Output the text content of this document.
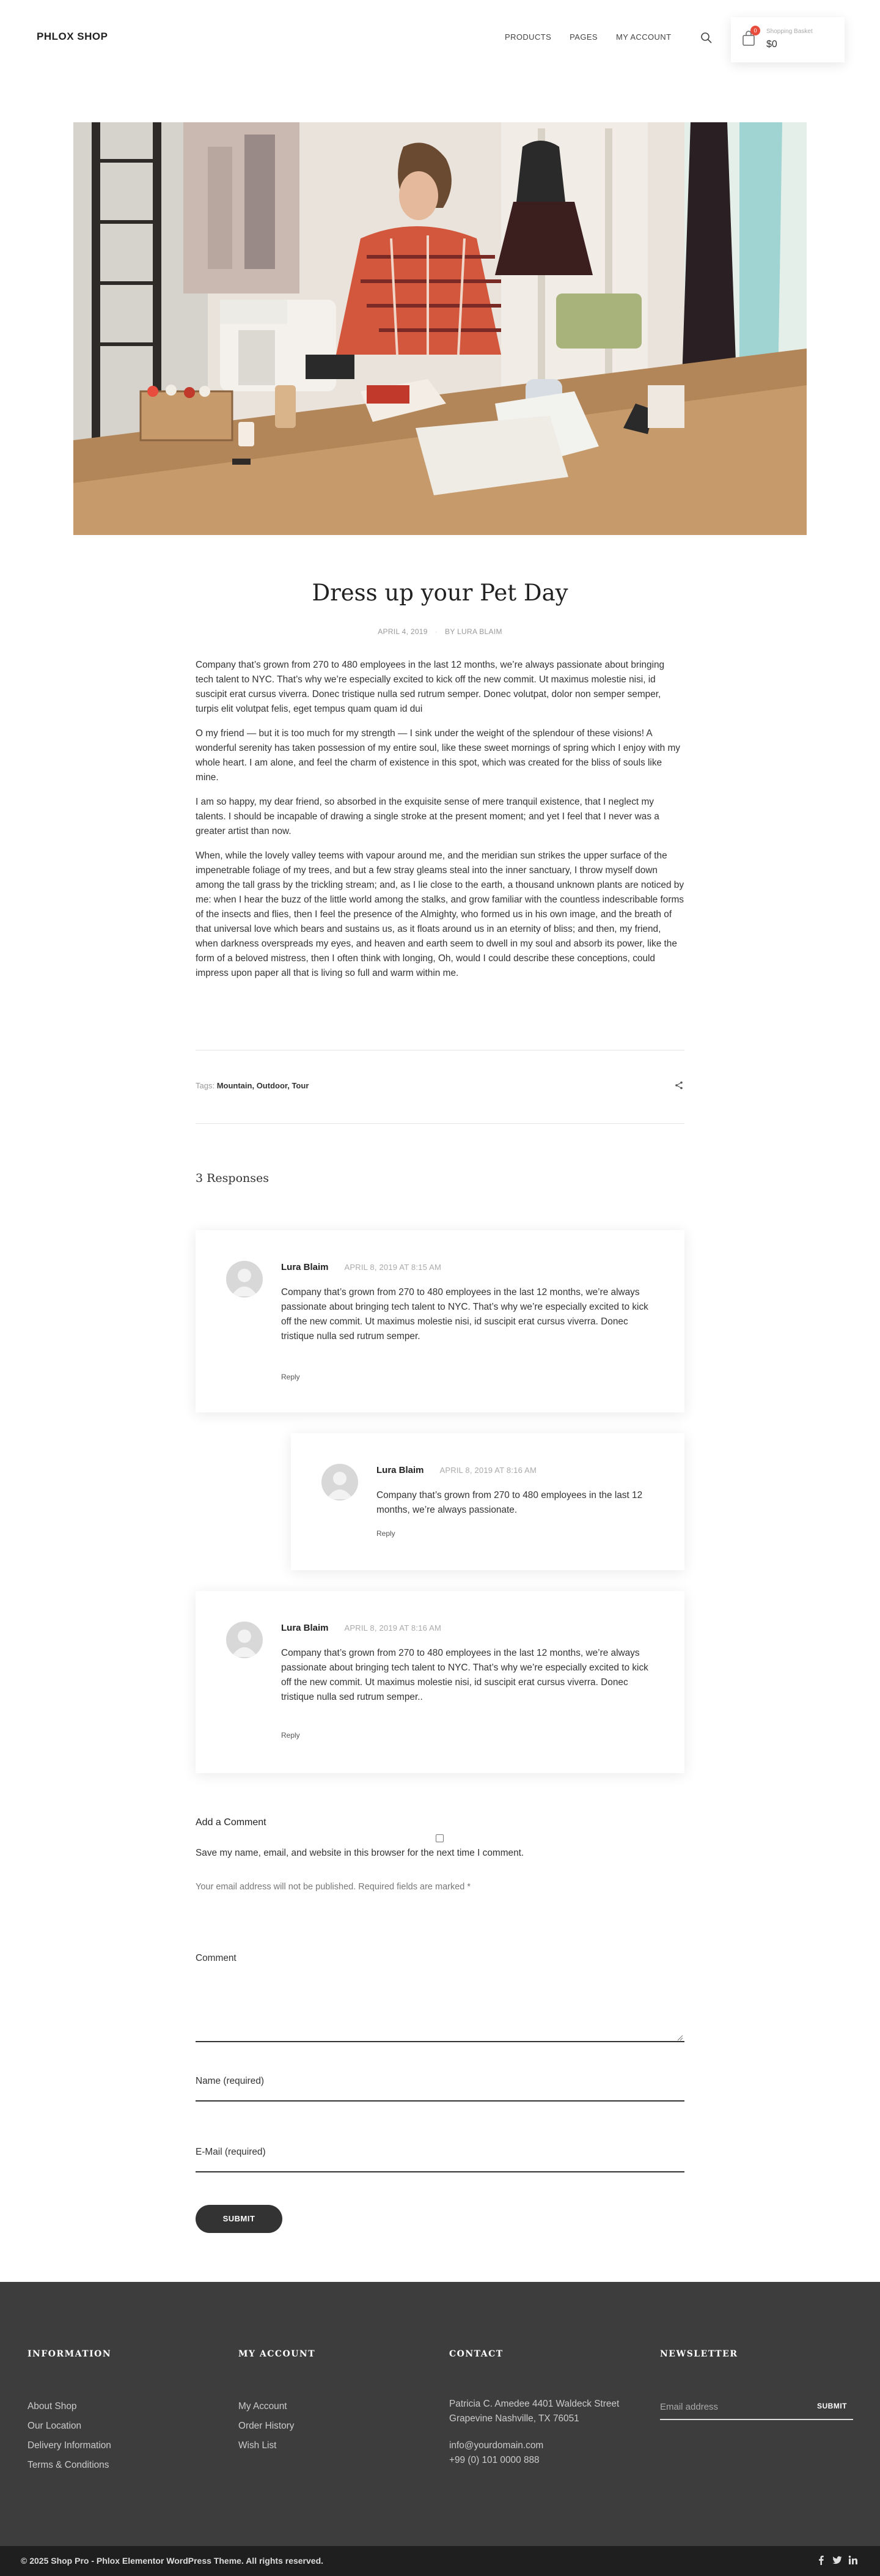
PHLOX SHOP	PRODUCTS PAGES MY ACCOUNT
0	Shopping Basket
$0
Dress up your Pet Day
APRIL 4, 2019 · BY LURA BLAIM

Company that’s grown from 270 to 480 employees in the last 12 months, we’re always passionate about bringing tech talent to NYC. That’s why we’re especially excited to kick off the new commit. Ut maximus molestie nisi, id suscipit erat cursus viverra. Donec tristique nulla sed rutrum semper. Donec volutpat, dolor non semper semper, turpis elit volutpat felis, eget tempus quam quam id dui

O my friend — but it is too much for my strength — I sink under the weight of the splendour of these visions! A wonderful serenity has taken possession of my entire soul, like these sweet mornings of spring which I enjoy with my whole heart. I am alone, and feel the charm of existence in this spot, which was created for the bliss of souls like mine.

I am so happy, my dear friend, so absorbed in the exquisite sense of mere tranquil existence, that I neglect my talents. I should be incapable of drawing a single stroke at the present moment; and yet I feel that I never was a greater artist than now.

When, while the lovely valley teems with vapour around me, and the meridian sun strikes the upper surface of the impenetrable foliage of my trees, and but a few stray gleams steal into the inner sanctuary, I throw myself down among the tall grass by the trickling stream; and, as I lie close to the earth, a thousand unknown plants are noticed by me: when I hear the buzz of the little world among the stalks, and grow familiar with the countless indescribable forms of the insects and flies, then I feel the presence of the Almighty, who formed us in his own image, and the breath of that universal love which bears and sustains us, as it floats around us in an eternity of bliss; and then, my friend, when darkness overspreads my eyes, and heaven and earth seem to dwell in my soul and absorb its power, like the form of a beloved mistress, then I often think with longing, Oh, would I could describe these conceptions, could impress upon paper all that is living so full and warm within me.

Tags: Mountain, Outdoor, Tour
3 Responses
Lura Blaim APRIL 8, 2019 AT 8:15 AM
Company that’s grown from 270 to 480 employees in the last 12 months, we’re always passionate about bringing tech talent to NYC. That’s why we’re especially excited to kick off the new commit. Ut maximus molestie nisi, id suscipit erat cursus viverra. Donec tristique nulla sed rutrum semper.
Reply
Lura Blaim APRIL 8, 2019 AT 8:16 AM
Company that’s grown from 270 to 480 employees in the last 12 months, we’re always passionate.
Reply
Lura Blaim APRIL 8, 2019 AT 8:16 AM
Company that’s grown from 270 to 480 employees in the last 12 months, we’re always passionate about bringing tech talent to NYC. That’s why we’re especially excited to kick off the new commit. Ut maximus molestie nisi, id suscipit erat cursus viverra. Donec tristique nulla sed rutrum semper..
Reply
Add a Comment
Save my name, email, and website in this browser for the next time I comment.
Your email address will not be published. Required fields are marked *
Comment
Name (required)
E-Mail (required)
SUBMIT
INFORMATION
About Shop
Our Location
Delivery Information
Terms & Conditions
MY ACCOUNT
My Account
Order History
Wish List
CONTACT
Patricia C. Amedee 4401 Waldeck Street
Grapevine Nashville, TX 76051
info@yourdomain.com
+99 (0) 101 0000 888
NEWSLETTER
Email address
SUBMIT
© 2025 Shop Pro - Phlox Elementor WordPress Theme. All rights reserved.
